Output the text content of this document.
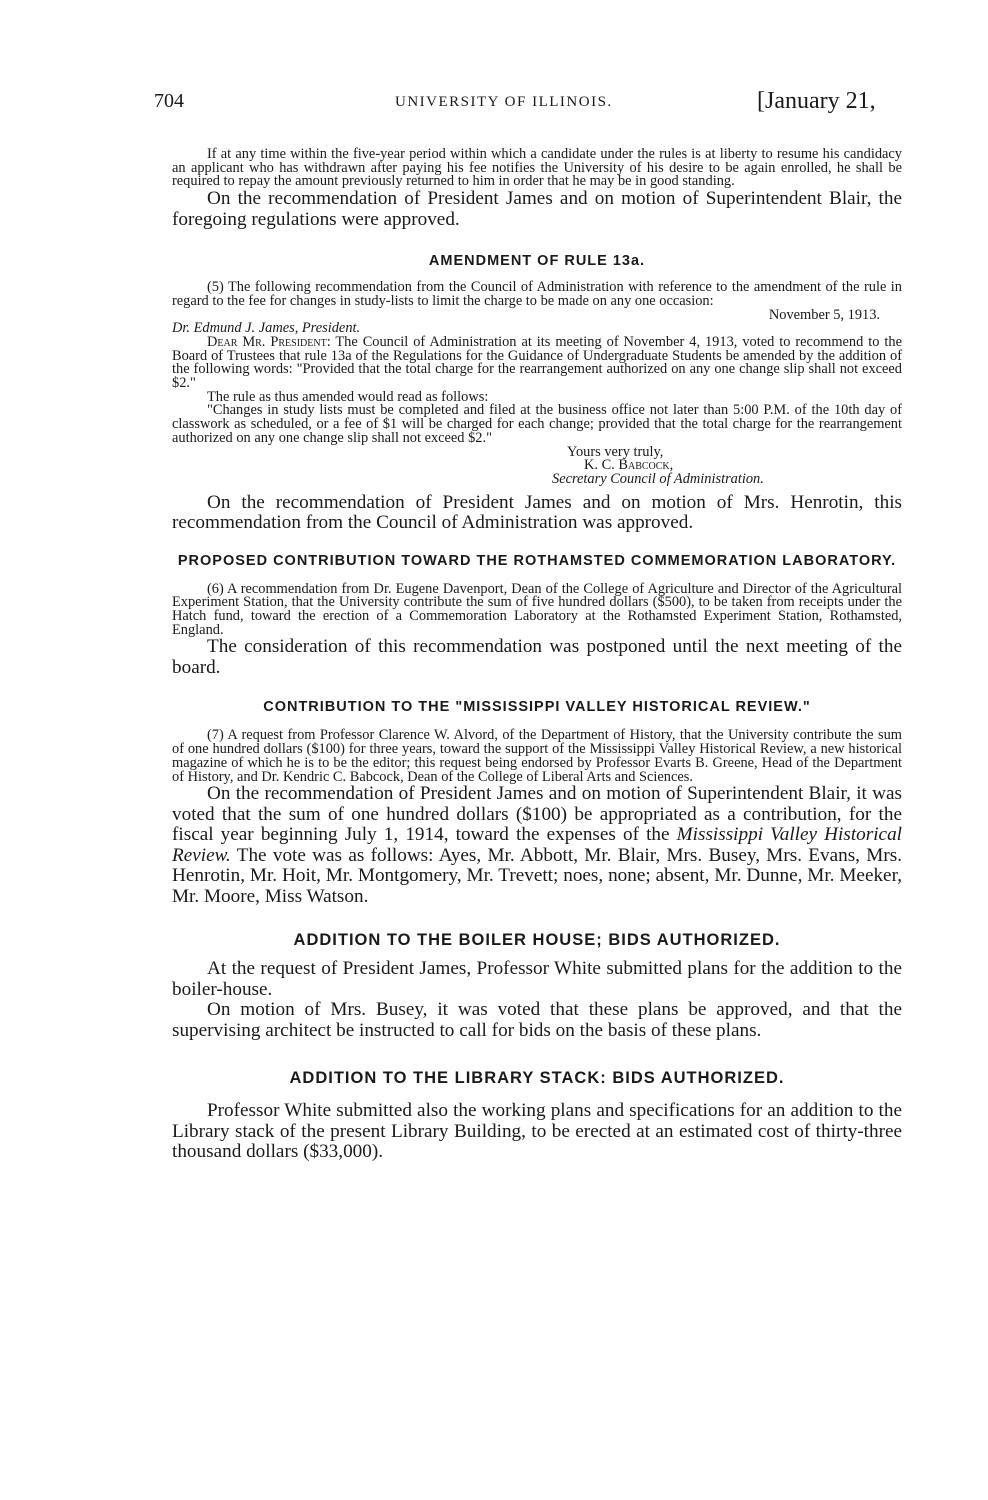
704	UNIVERSITY OF ILLINOIS.	[January 21,

If at any time within the five-year period within which a candidate under the rules is at liberty to resume his candidacy an applicant who has withdrawn after paying his fee notifies the University of his desire to be again enrolled, he shall be required to repay the amount previously returned to him in order that he may be in good standing.

On the recommendation of President James and on motion of Superintendent Blair, the foregoing regulations were approved.

AMENDMENT OF RULE 13a.

(5) The following recommendation from the Council of Administration with reference to the amendment of the rule in regard to the fee for changes in study-lists to limit the charge to be made on any one occasion:

November 5, 1913.

Dr. Edmund J. James, President.

Dear Mr. President: The Council of Administration at its meeting of November 4, 1913, voted to recommend to the Board of Trustees that rule 13a of the Regulations for the Guidance of Undergraduate Students be amended by the addition of the following words: "Provided that the total charge for the rearrangement authorized on any one change slip shall not exceed $2."

The rule as thus amended would read as follows:

"Changes in study lists must be completed and filed at the business office not later than 5:00 P.M. of the 10th day of classwork as scheduled, or a fee of $1 will be charged for each change; provided that the total charge for the rearrangement authorized on any one change slip shall not exceed $2."

Yours very truly,

K. C. Babcock,

Secretary Council of Administration.

On the recommendation of President James and on motion of Mrs. Henrotin, this recommendation from the Council of Administration was approved.

PROPOSED CONTRIBUTION TOWARD THE ROTHAMSTED COMMEMORATION LABORATORY.

(6) A recommendation from Dr. Eugene Davenport, Dean of the College of Agriculture and Director of the Agricultural Experiment Station, that the University contribute the sum of five hundred dollars ($500), to be taken from receipts under the Hatch fund, toward the erection of a Commemoration Laboratory at the Rothamsted Experiment Station, Rothamsted, England.

The consideration of this recommendation was postponed until the next meeting of the board.

CONTRIBUTION TO THE "MISSISSIPPI VALLEY HISTORICAL REVIEW."

(7) A request from Professor Clarence W. Alvord, of the Department of History, that the University contribute the sum of one hundred dollars ($100) for three years, toward the support of the Mississippi Valley Historical Review, a new historical magazine of which he is to be the editor; this request being endorsed by Professor Evarts B. Greene, Head of the Department of History, and Dr. Kendric C. Babcock, Dean of the College of Liberal Arts and Sciences.

On the recommendation of President James and on motion of Superintendent Blair, it was voted that the sum of one hundred dollars ($100) be appropriated as a contribution, for the fiscal year beginning July 1, 1914, toward the expenses of the Mississippi Valley Historical Review. The vote was as follows: Ayes, Mr. Abbott, Mr. Blair, Mrs. Busey, Mrs. Evans, Mrs. Henrotin, Mr. Hoit, Mr. Montgomery, Mr. Trevett; noes, none; absent, Mr. Dunne, Mr. Meeker, Mr. Moore, Miss Watson.

ADDITION TO THE BOILER HOUSE; BIDS AUTHORIZED.

At the request of President James, Professor White submitted plans for the addition to the boiler-house.

On motion of Mrs. Busey, it was voted that these plans be approved, and that the supervising architect be instructed to call for bids on the basis of these plans.

ADDITION TO THE LIBRARY STACK: BIDS AUTHORIZED.

Professor White submitted also the working plans and specifications for an addition to the Library stack of the present Library Building, to be erected at an estimated cost of thirty-three thousand dollars ($33,000).
